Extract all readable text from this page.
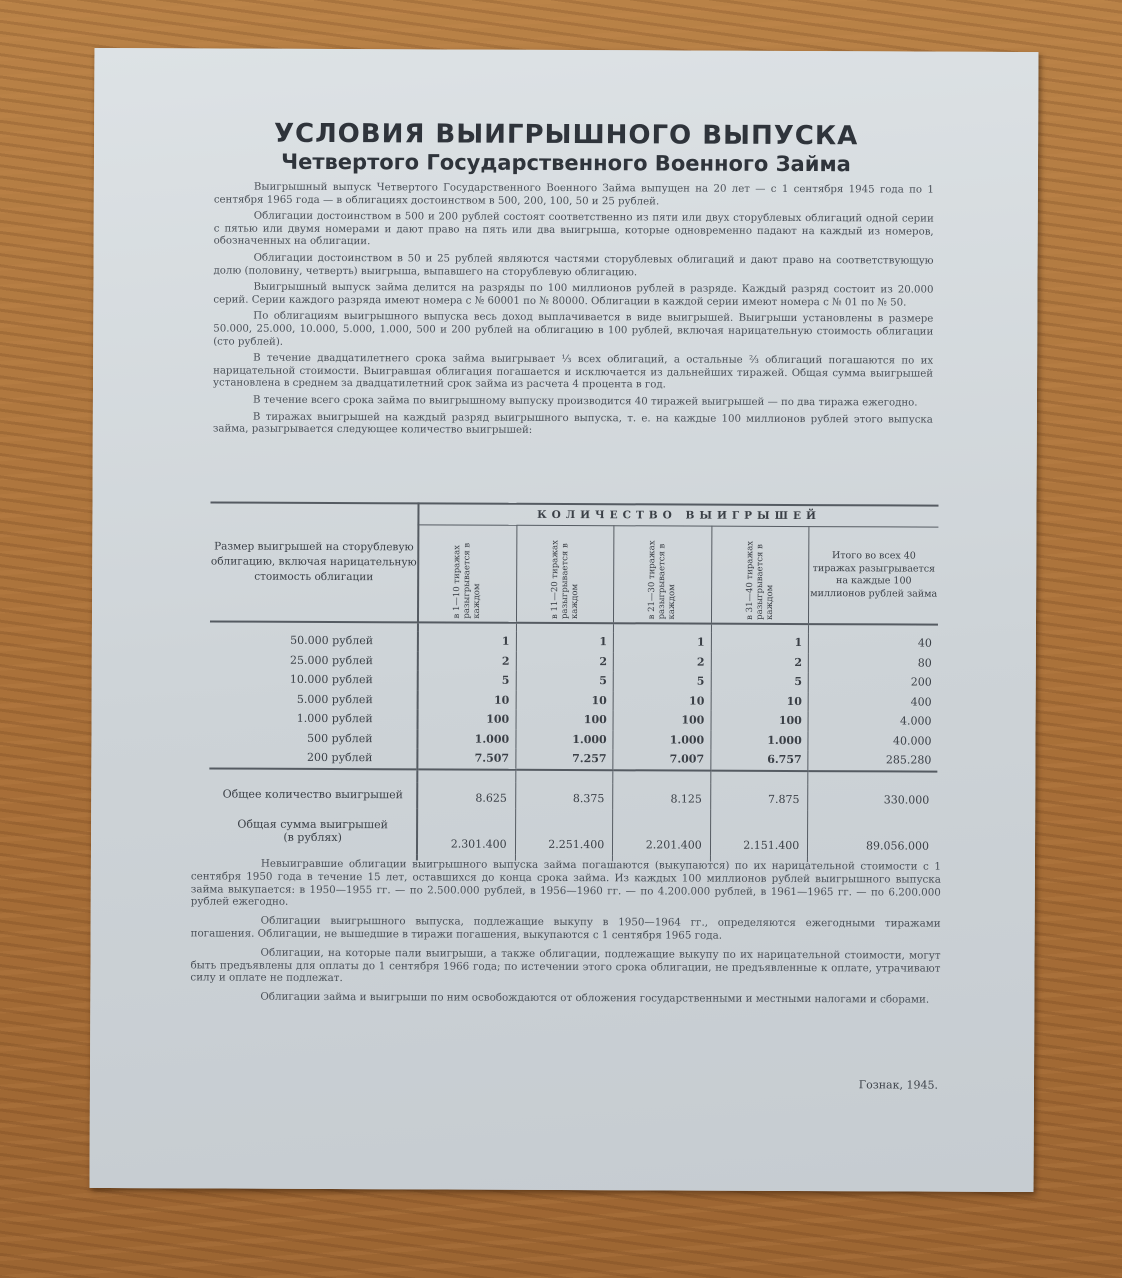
УСЛОВИЯ ВЫИГРЫШНОГО ВЫПУСКА
Четвертого Государственного Военного Займа

Выигрышный выпуск Четвертого Государственного Военного Займа выпущен на 20 лет — с 1 сентября 1945 года по 1 сентября 1965 года — в облигациях достоинством в 500, 200, 100, 50 и 25 рублей.

Облигации достоинством в 500 и 200 рублей состоят соответственно из пяти или двух сторублевых облигаций одной серии с пятью или двумя номерами и дают право на пять или два выигрыша, которые одновременно падают на каждый из номеров, обозначенных на облигации.

Облигации достоинством в 50 и 25 рублей являются частями сторублевых облигаций и дают право на соответствующую долю (половину, четверть) выигрыша, выпавшего на сторублевую облигацию.

Выигрышный выпуск займа делится на разряды по 100 миллионов рублей в разряде. Каждый разряд состоит из 20.000 серий. Серии каждого разряда имеют номера с № 60001 по № 80000. Облигации в каждой серии имеют номера с № 01 по № 50.

По облигациям выигрышного выпуска весь доход выплачивается в виде выигрышей. Выигрыши установлены в размере 50.000, 25.000, 10.000, 5.000, 1.000, 500 и 200 рублей на облигацию в 100 рублей, включая нарицательную стоимость облигации (сто рублей).

В течение двадцатилетнего срока займа выигрывает ⅓ всех облигаций, а остальные ⅔ облигаций погашаются по их нарицательной стоимости. Выигравшая облигация погашается и исключается из дальнейших тиражей. Общая сумма выигрышей установлена в среднем за двадцатилетний срок займа из расчета 4 процента в год.

В течение всего срока займа по выигрышному выпуску производится 40 тиражей выигрышей — по два тиража ежегодно.

В тиражах выигрышей на каждый разряд выигрышного выпуска, т. е. на каждые 100 миллионов рублей этого выпуска займа, разыгрывается следующее количество выигрышей:

Размер выигрышей на сторублевую облигацию, включая нарицательную стоимость облигации	КОЛИЧЕСТВО ВЫИГРЫШЕЙ				
	в 1—10 тиражах разыгрывается в каждом	в 11—20 тиражах разыгрывается в каждом	в 21—30 тиражах разыгрывается в каждом	в 31—40 тиражах разыгрывается в каждом	Итого во всех 40 тиражах разыгрывается на каждые 100 миллионов рублей займа

50.000 рублей	1	1	1	1	40
25.000 рублей	2	2	2	2	80
10.000 рублей	5	5	5	5	200
5.000 рублей	10	10	10	10	400
1.000 рублей	100	100	100	100	4.000
500 рублей	1.000	1.000	1.000	1.000	40.000
200 рублей	7.507	7.257	7.007	6.757	285.280

Общее количество выигрышей	8.625	8.375	8.125	7.875	330.000

Общая сумма выигрышей
(в рублях)	2.301.400	2.251.400	2.201.400	2.151.400	89.056.000

Невыигравшие облигации выигрышного выпуска займа погашаются (выкупаются) по их нарицательной стоимости с 1 сентября 1950 года в течение 15 лет, оставшихся до конца срока займа. Из каждых 100 миллионов рублей выигрышного выпуска займа выкупается: в 1950—1955 гг. — по 2.500.000 рублей, в 1956—1960 гг. — по 4.200.000 рублей, в 1961—1965 гг. — по 6.200.000 рублей ежегодно.

Облигации выигрышного выпуска, подлежащие выкупу в 1950—1964 гг., определяются ежегодными тиражами погашения. Облигации, не вышедшие в тиражи погашения, выкупаются с 1 сентября 1965 года.

Облигации, на которые пали выигрыши, а также облигации, подлежащие выкупу по их нарицательной стоимости, могут быть предъявлены для оплаты до 1 сентября 1966 года; по истечении этого срока облигации, не предъявленные к оплате, утрачивают силу и оплате не подлежат.

Облигации займа и выигрыши по ним освобождаются от обложения государственными и местными налогами и сборами.

Гознак, 1945.
